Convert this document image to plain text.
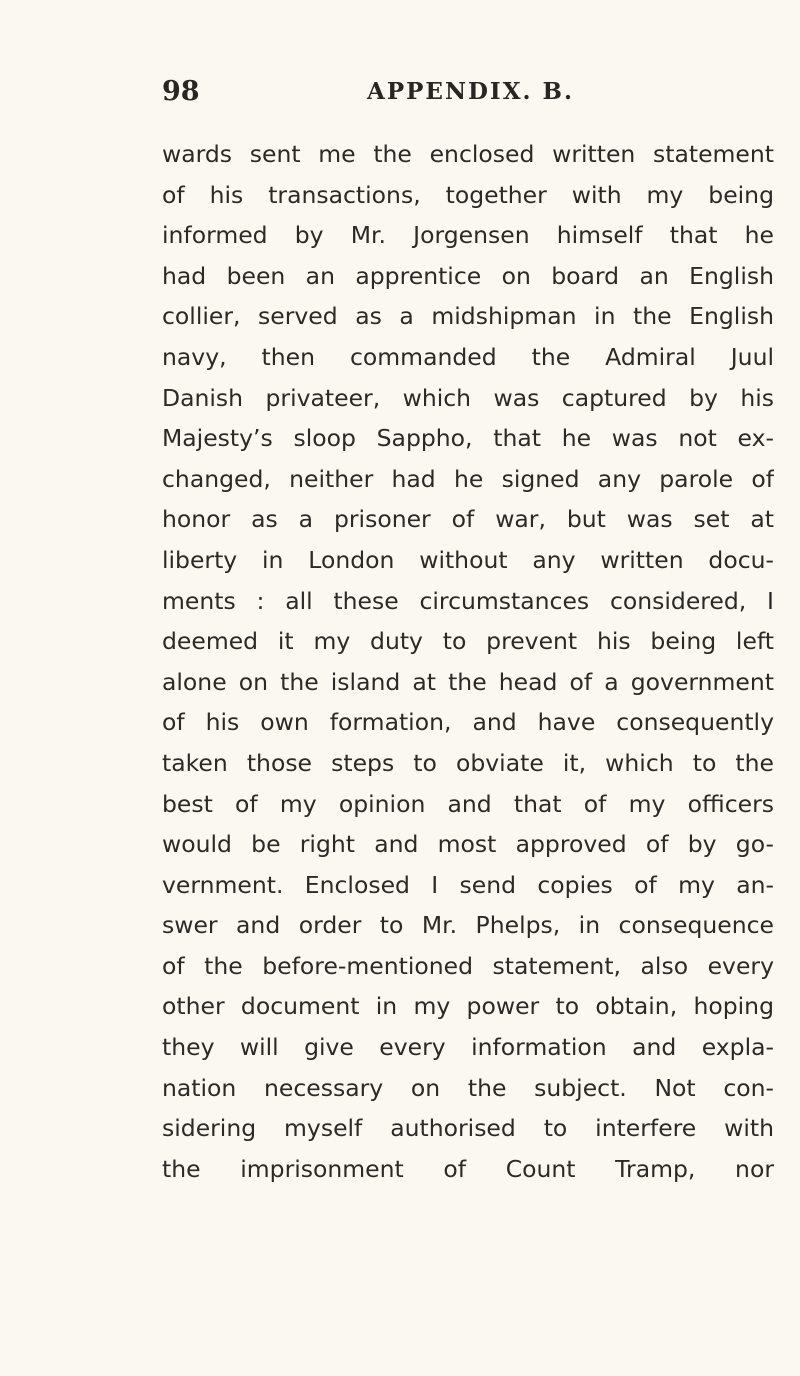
98	APPENDIX. B.
wards sent me the enclosed written statement
of his transactions, together with my being
informed by Mr. Jorgensen himself that he
had been an apprentice on board an English
collier, served as a midshipman in the English
navy, then commanded the Admiral Juul
Danish privateer, which was captured by his
Majesty’s sloop Sappho, that he was not ex-
changed, neither had he signed any parole of
honor as a prisoner of war, but was set at
liberty in London without any written docu-
ments : all these circumstances considered, I
deemed it my duty to prevent his being left
alone on the island at the head of a government
of his own formation, and have consequently
taken those steps to obviate it, which to the
best of my opinion and that of my officers
would be right and most approved of by go-
vernment. Enclosed I send copies of my an-
swer and order to Mr. Phelps, in consequence
of the before-mentioned statement, also every
other document in my power to obtain, hoping
they will give every information and expla-
nation necessary on the subject. Not con-
sidering myself authorised to interfere with
the imprisonment of Count Tramp, nor
